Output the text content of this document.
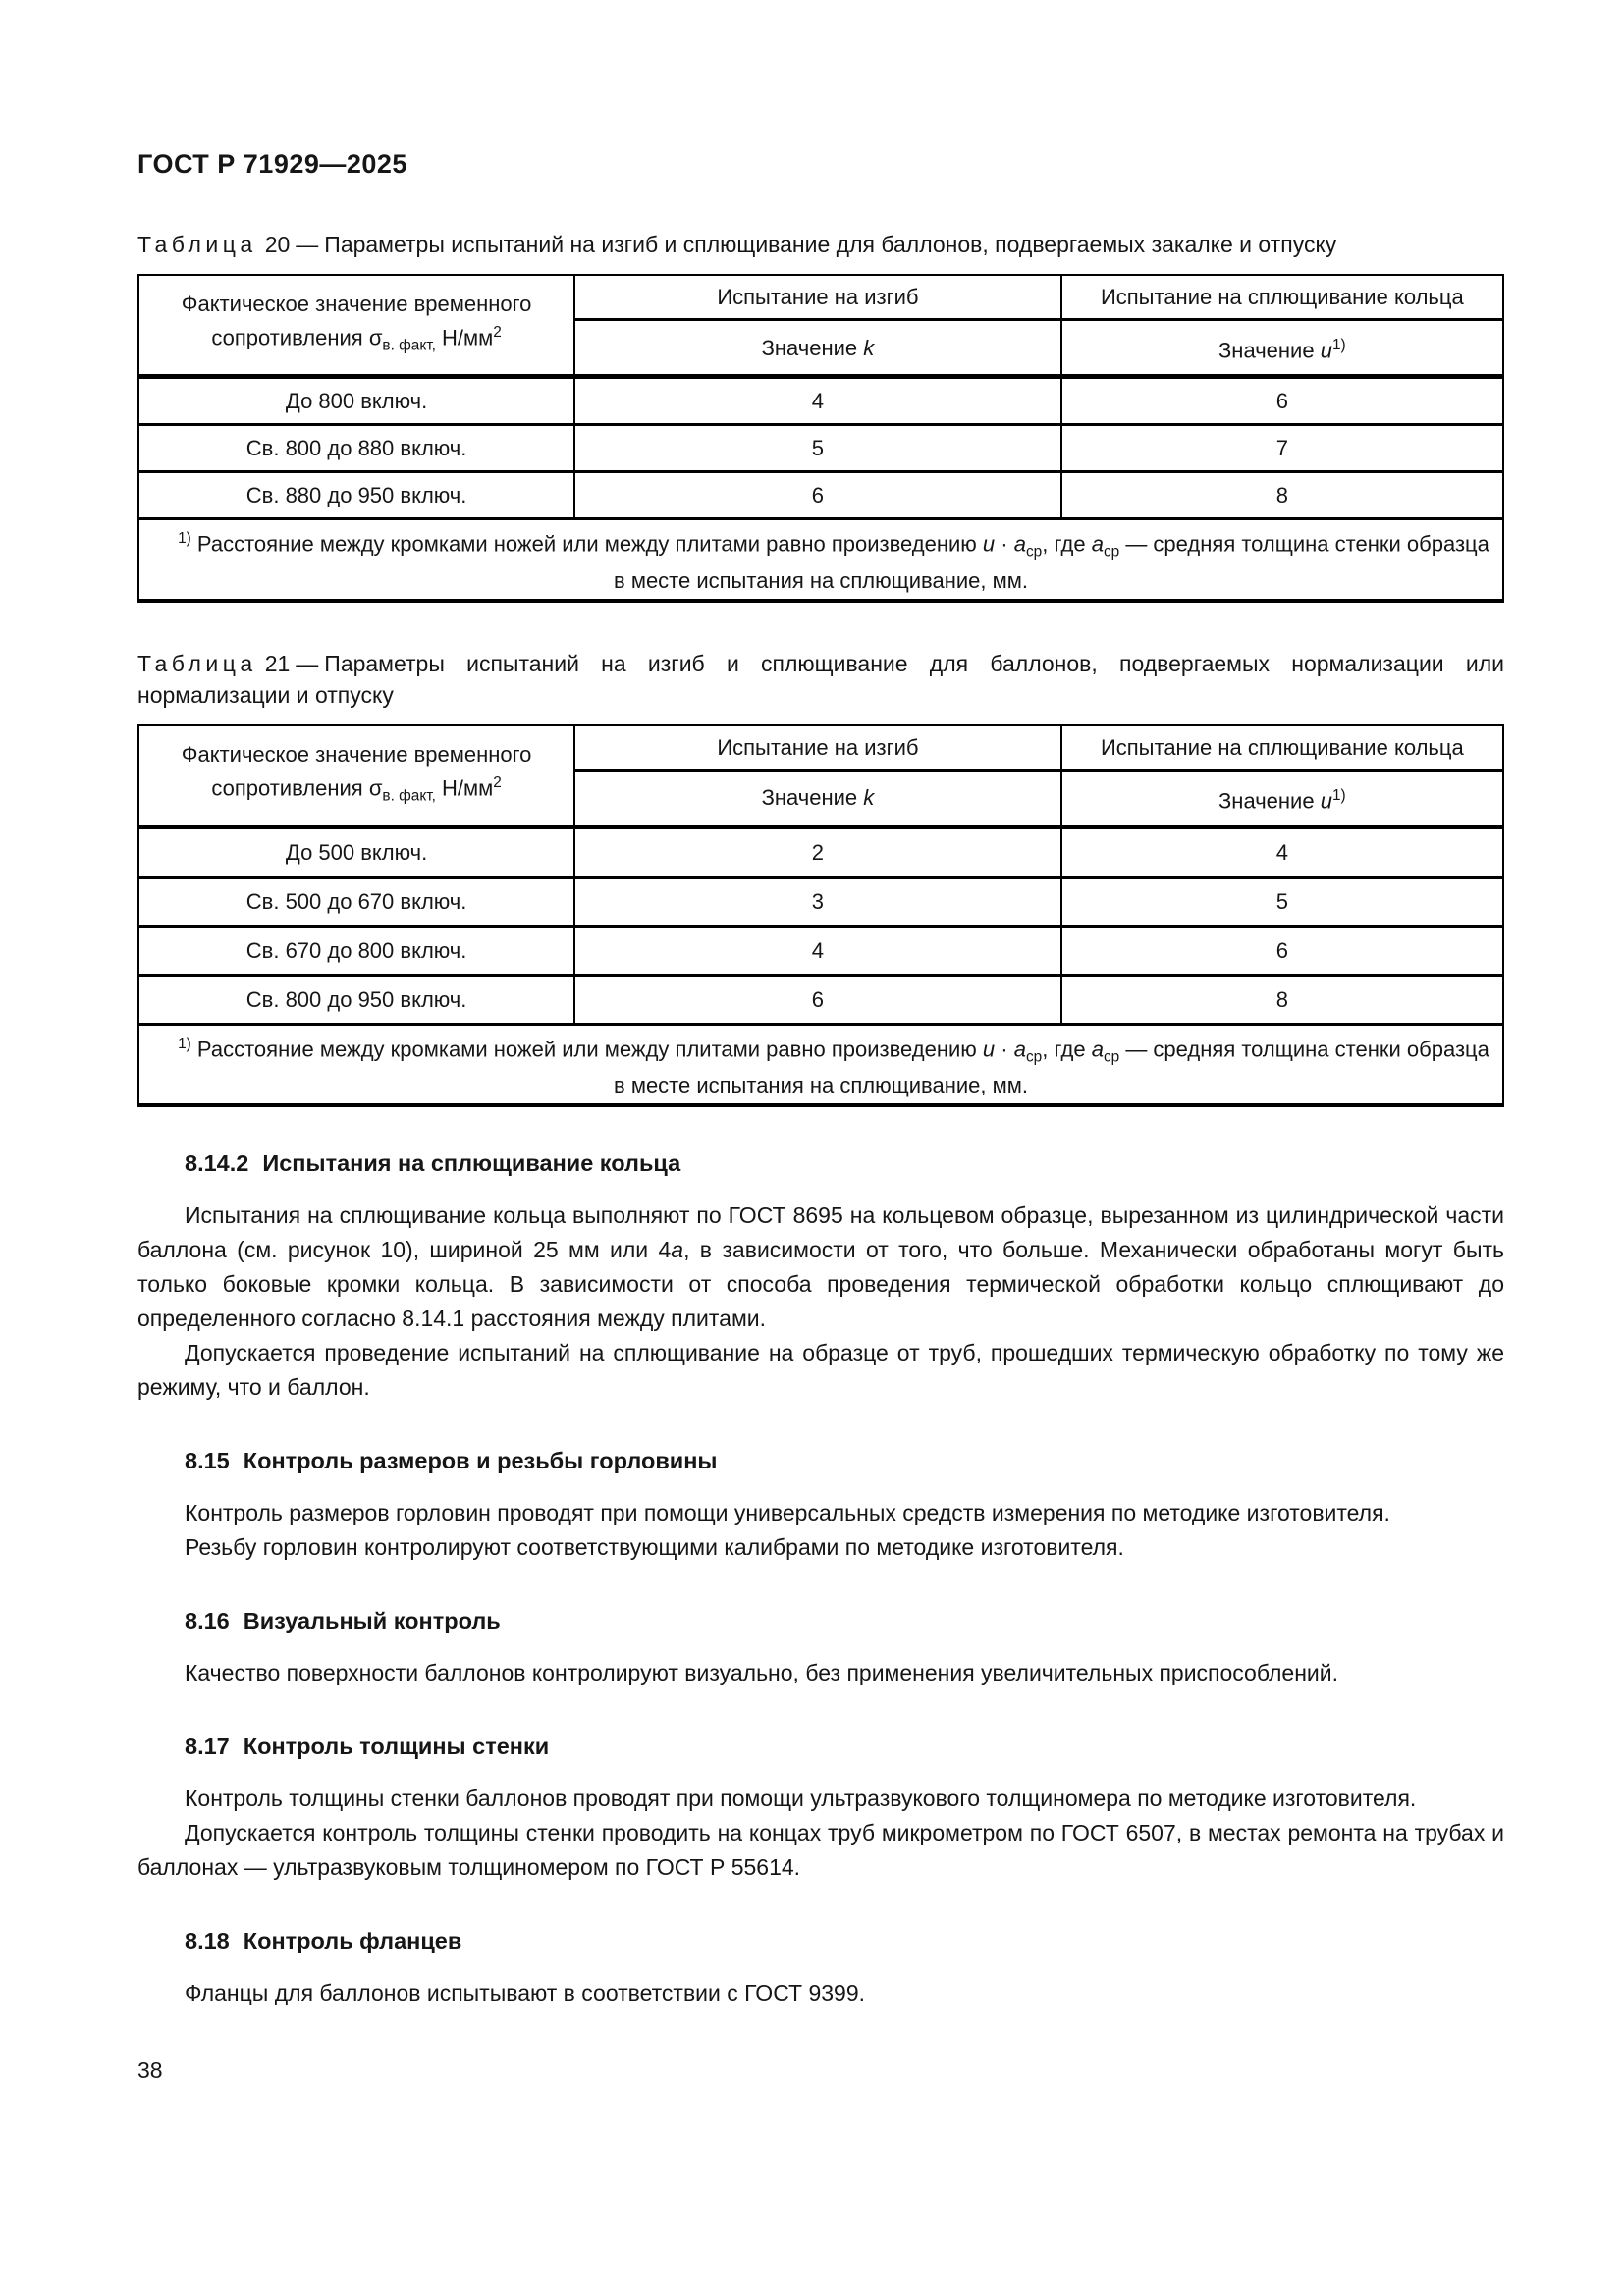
ГОСТ Р 71929—2025

Таблица 20 — Параметры испытаний на изгиб и сплющивание для баллонов, подвергаемых закалке и отпуску

Фактическое значение временного
сопротивления $\sigma_{в. факт,}$ $Н/мм^2$	Испытание на изгиб	Испытание на сплющивание кольца
	Значение k	Значение $u^{1)}$

До 800 включ.	4	6
Св. 800 до 880 включ.	5	7
Св. 880 до 950 включ.	6	8
$^{1)}$ Расстояние между кромками ножей или между плитами равно произведению $u \cdot a_{ср}$, где $a_{ср}$ — средняя толщина стенки образца в месте испытания на сплющивание, мм.		

Таблица 21 — Параметры испытаний на изгиб и сплющивание для баллонов, подвергаемых нормализации или нормализации и отпуску

Фактическое значение временного
сопротивления $\sigma_{в. факт,}$ $Н/мм^2$	Испытание на изгиб	Испытание на сплющивание кольца
	Значение k	Значение $u^{1)}$

До 500 включ.	2	4
Св. 500 до 670 включ.	3	5
Св. 670 до 800 включ.	4	6
Св. 800 до 950 включ.	6	8
$^{1)}$ Расстояние между кромками ножей или между плитами равно произведению $u \cdot a_{ср}$, где $a_{ср}$ — средняя толщина стенки образца в месте испытания на сплющивание, мм.		
8.14.2 Испытания на сплющивание кольца

Испытания на сплющивание кольца выполняют по ГОСТ 8695 на кольцевом образце, вырезанном из цилиндрической части баллона (см. рисунок 10), шириной 25 мм или 4a, в зависимости от того, что больше. Механически обработаны могут быть только боковые кромки кольца. В зависимости от способа проведения термической обработки кольцо сплющивают до определенного согласно 8.14.1 расстояния между плитами.

Допускается проведение испытаний на сплющивание на образце от труб, прошедших термическую обработку по тому же режиму, что и баллон.

8.15 Контроль размеров и резьбы горловины

Контроль размеров горловин проводят при помощи универсальных средств измерения по методике изготовителя.

Резьбу горловин контролируют соответствующими калибрами по методике изготовителя.

8.16 Визуальный контроль

Качество поверхности баллонов контролируют визуально, без применения увеличительных приспособлений.

8.17 Контроль толщины стенки

Контроль толщины стенки баллонов проводят при помощи ультразвукового толщиномера по методике изготовителя.

Допускается контроль толщины стенки проводить на концах труб микрометром по ГОСТ 6507, в местах ремонта на трубах и баллонах — ультразвуковым толщиномером по ГОСТ Р 55614.

8.18 Контроль фланцев

Фланцы для баллонов испытывают в соответствии с ГОСТ 9399.

38
